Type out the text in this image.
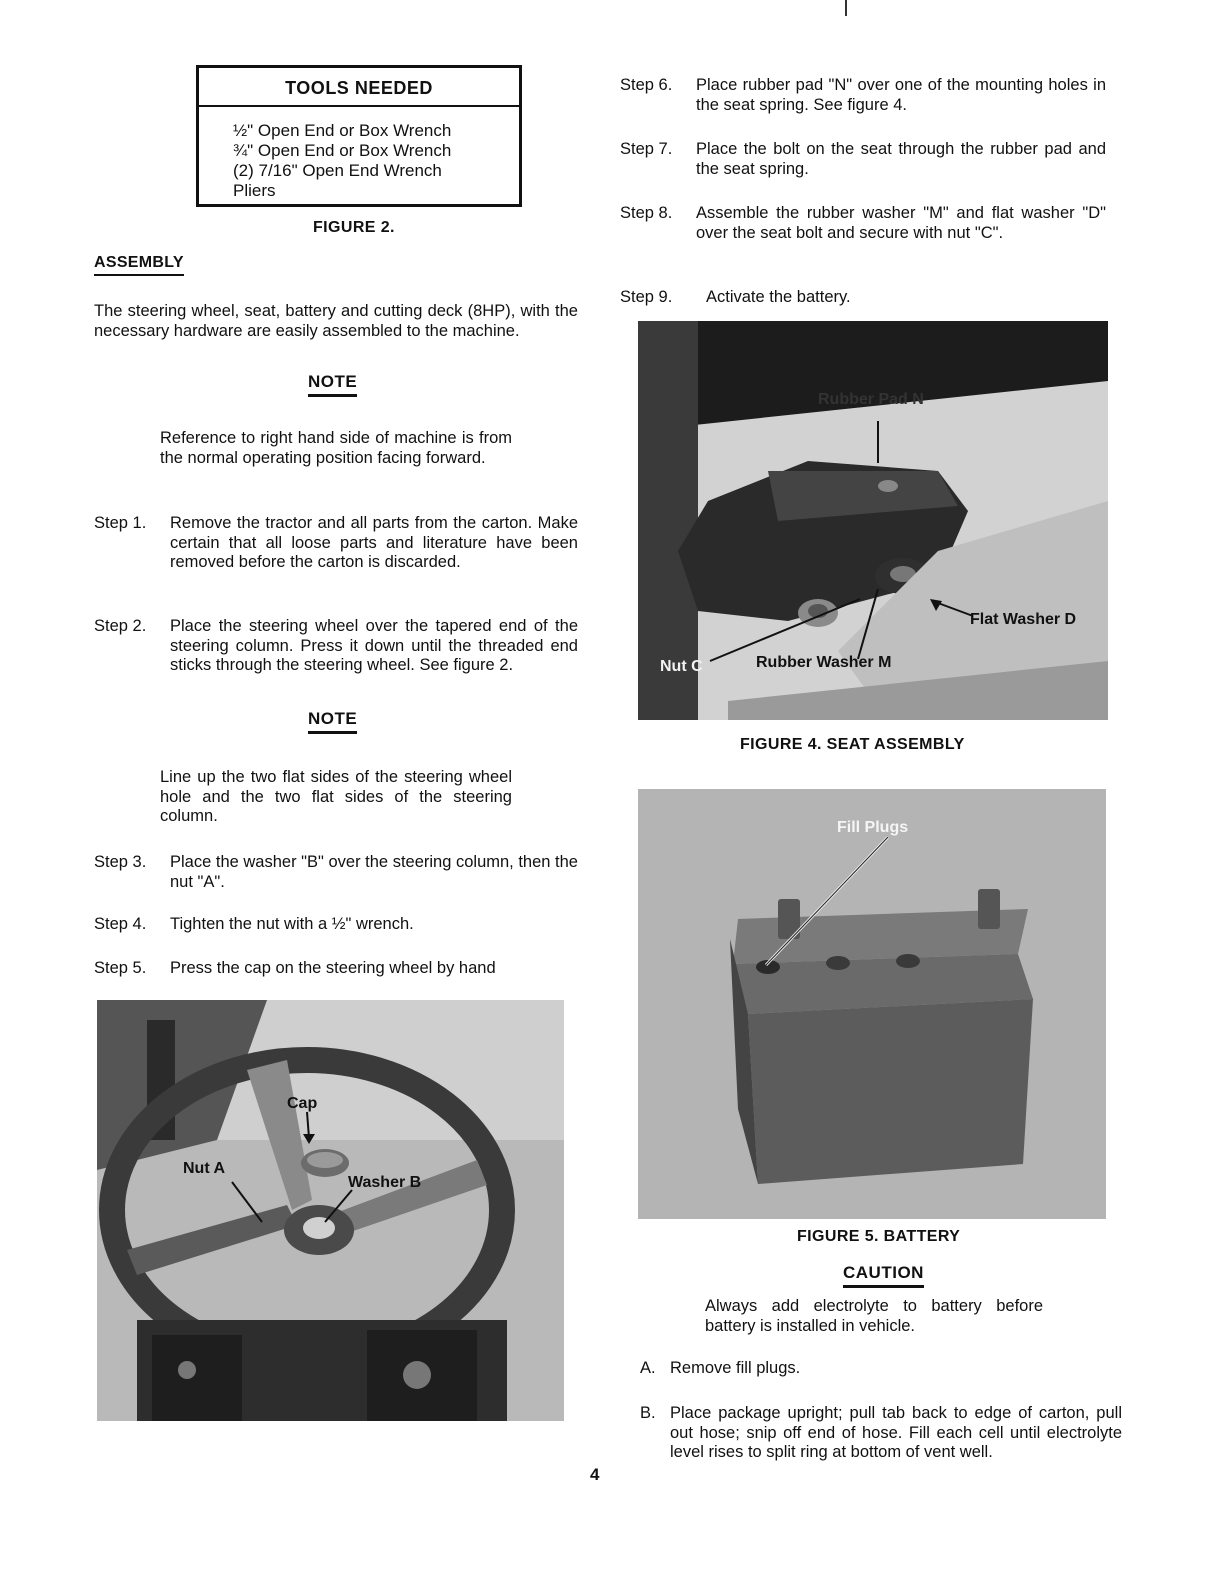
TOOLS NEEDED
½" Open End or Box Wrench
¾" Open End or Box Wrench
(2) 7/16" Open End Wrench
Pliers
FIGURE 2.
ASSEMBLY
The steering wheel, seat, battery and cutting deck (8HP), with the necessary hardware are easily assembled to the machine.
NOTE
Reference to right hand side of machine is from the normal operating position facing forward.
Step 1.	Remove the tractor and all parts from the carton. Make certain that all loose parts and literature have been removed before the carton is discarded.
Step 2.	Place the steering wheel over the tapered end of the steering column. Press it down until the threaded end sticks through the steering wheel. See figure 2.
NOTE
Line up the two flat sides of the steering wheel hole and the two flat sides of the steering column.
Step 3.	Place the washer "B" over the steering column, then the nut "A".
Step 4.	Tighten the nut with a ½" wrench.
Step 5.	Press the cap on the steering wheel by hand
Cap
Nut A
Washer B
4
Step 6.	Place rubber pad "N" over one of the mounting holes in the seat spring. See figure 4.
Step 7.	Place the bolt on the seat through the rubber pad and the seat spring.
Step 8.	Assemble the rubber washer "M" and flat washer "D" over the seat bolt and secure with nut "C".
Step 9.	Activate the battery.
Rubber Pad N
Flat Washer D
Nut C	Rubber Washer M
FIGURE 4. SEAT ASSEMBLY
Fill Plugs
FIGURE 5. BATTERY
CAUTION
Always add electrolyte to battery before battery is installed in vehicle.
A. Remove fill plugs.
B. Place package upright; pull tab back to edge of carton, pull out hose; snip off end of hose. Fill each cell until electrolyte level rises to split ring at bottom of vent well.
